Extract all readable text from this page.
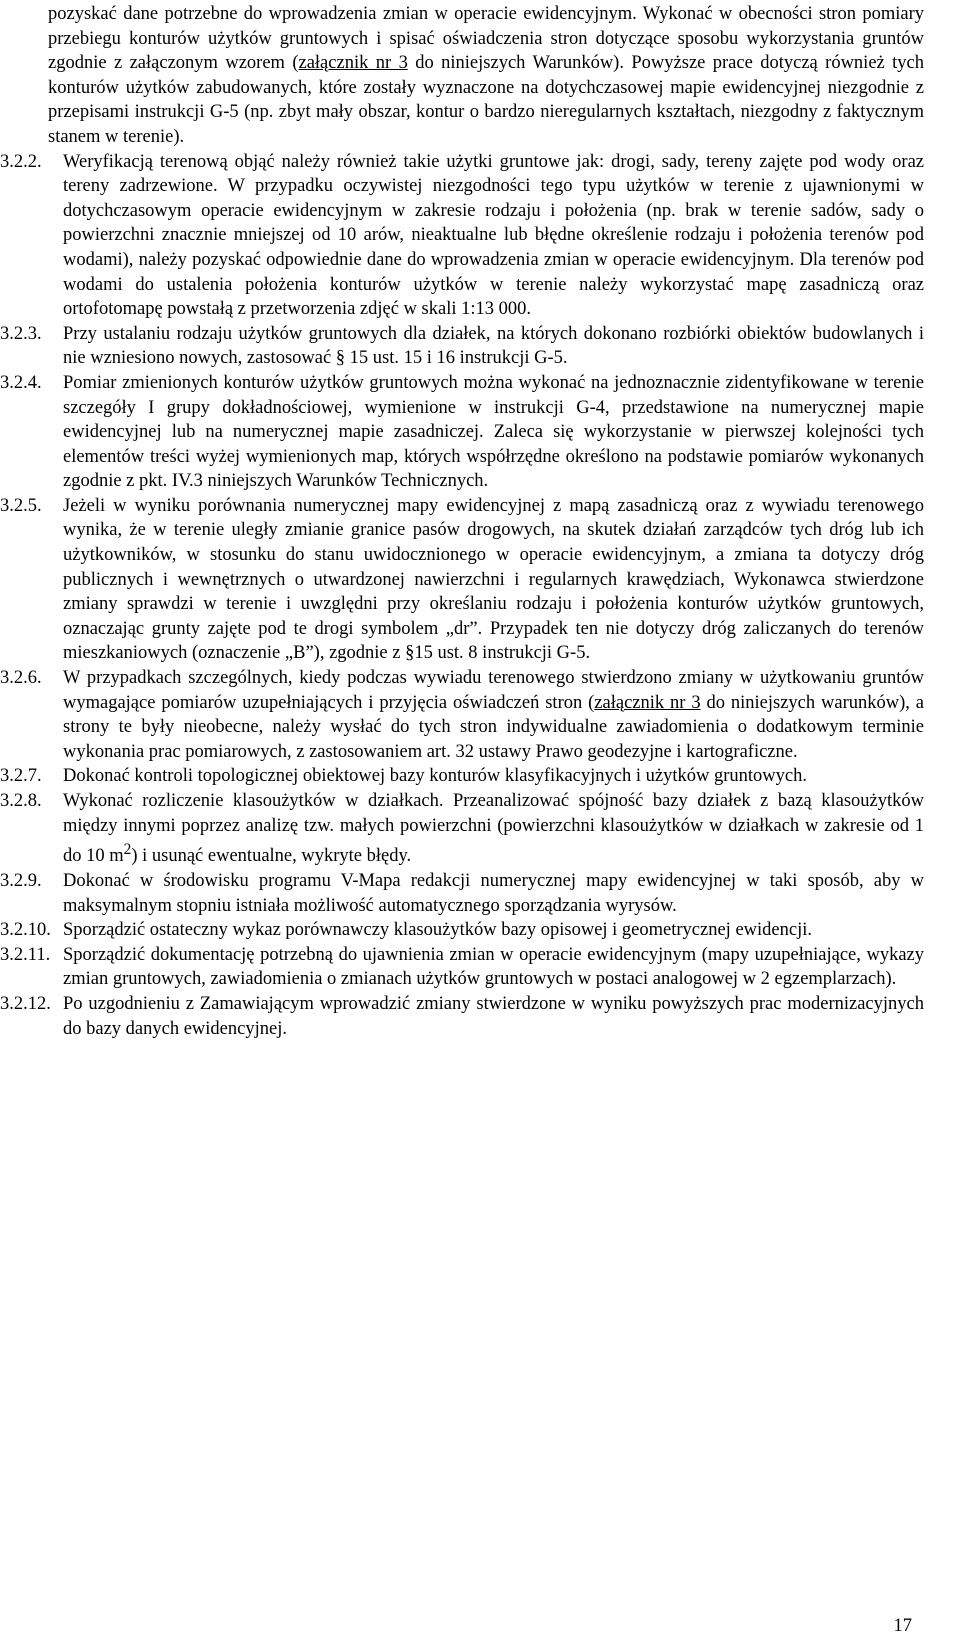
pozyskać dane potrzebne do wprowadzenia zmian w operacie ewidencyjnym. Wykonać w obecności stron pomiary przebiegu konturów użytków gruntowych i spisać oświadczenia stron dotyczące sposobu wykorzystania gruntów zgodnie z załączonym wzorem (załącznik nr 3 do niniejszych Warunków). Powyższe prace dotyczą również tych konturów użytków zabudowanych, które zostały wyznaczone na dotychczasowej mapie ewidencyjnej niezgodnie z przepisami instrukcji G-5 (np. zbyt mały obszar, kontur o bardzo nieregularnych kształtach, niezgodny z faktycznym stanem w terenie).

3.2.2. Weryfikacją terenową objąć należy również takie użytki gruntowe jak: drogi, sady, tereny zajęte pod wody oraz tereny zadrzewione. W przypadku oczywistej niezgodności tego typu użytków w terenie z ujawnionymi w dotychczasowym operacie ewidencyjnym w zakresie rodzaju i położenia (np. brak w terenie sadów, sady o powierzchni znacznie mniejszej od 10 arów, nieaktualne lub błędne określenie rodzaju i położenia terenów pod wodami), należy pozyskać odpowiednie dane do wprowadzenia zmian w operacie ewidencyjnym. Dla terenów pod wodami do ustalenia położenia konturów użytków w terenie należy wykorzystać mapę zasadniczą oraz ortofotomapę powstałą z przetworzenia zdjęć w skali 1:13 000.

3.2.3. Przy ustalaniu rodzaju użytków gruntowych dla działek, na których dokonano rozbiórki obiektów budowlanych i nie wzniesiono nowych, zastosować § 15 ust. 15 i 16 instrukcji G-5.

3.2.4. Pomiar zmienionych konturów użytków gruntowych można wykonać na jednoznacznie zidentyfikowane w terenie szczegóły I grupy dokładnościowej, wymienione w instrukcji G-4, przedstawione na numerycznej mapie ewidencyjnej lub na numerycznej mapie zasadniczej. Zaleca się wykorzystanie w pierwszej kolejności tych elementów treści wyżej wymienionych map, których współrzędne określono na podstawie pomiarów wykonanych zgodnie z pkt. IV.3 niniejszych Warunków Technicznych.

3.2.5. Jeżeli w wyniku porównania numerycznej mapy ewidencyjnej z mapą zasadniczą oraz z wywiadu terenowego wynika, że w terenie uległy zmianie granice pasów drogowych, na skutek działań zarządców tych dróg lub ich użytkowników, w stosunku do stanu uwidocznionego w operacie ewidencyjnym, a zmiana ta dotyczy dróg publicznych i wewnętrznych o utwardzonej nawierzchni i regularnych krawędziach, Wykonawca stwierdzone zmiany sprawdzi w terenie i uwzględni przy określaniu rodzaju i położenia konturów użytków gruntowych, oznaczając grunty zajęte pod te drogi symbolem „dr”. Przypadek ten nie dotyczy dróg zaliczanych do terenów mieszkaniowych (oznaczenie „B”), zgodnie z §15 ust. 8 instrukcji G-5.

3.2.6. W przypadkach szczególnych, kiedy podczas wywiadu terenowego stwierdzono zmiany w użytkowaniu gruntów wymagające pomiarów uzupełniających i przyjęcia oświadczeń stron (załącznik nr 3 do niniejszych warunków), a strony te były nieobecne, należy wysłać do tych stron indywidualne zawiadomienia o dodatkowym terminie wykonania prac pomiarowych, z zastosowaniem art. 32 ustawy Prawo geodezyjne i kartograficzne.

3.2.7. Dokonać kontroli topologicznej obiektowej bazy konturów klasyfikacyjnych i użytków gruntowych.

3.2.8. Wykonać rozliczenie klasoużytków w działkach. Przeanalizować spójność bazy działek z bazą klasoużytków między innymi poprzez analizę tzw. małych powierzchni (powierzchni klasoużytków w działkach w zakresie od 1 do 10 $m^2$) i usunąć ewentualne, wykryte błędy.

3.2.9. Dokonać w środowisku programu V-Mapa redakcji numerycznej mapy ewidencyjnej w taki sposób, aby w maksymalnym stopniu istniała możliwość automatycznego sporządzania wyrysów.

3.2.10. Sporządzić ostateczny wykaz porównawczy klasoużytków bazy opisowej i geometrycznej ewidencji.

3.2.11. Sporządzić dokumentację potrzebną do ujawnienia zmian w operacie ewidencyjnym (mapy uzupełniające, wykazy zmian gruntowych, zawiadomienia o zmianach użytków gruntowych w postaci analogowej w 2 egzemplarzach).

3.2.12. Po uzgodnieniu z Zamawiającym wprowadzić zmiany stwierdzone w wyniku powyższych prac modernizacyjnych do bazy danych ewidencyjnej.

17
